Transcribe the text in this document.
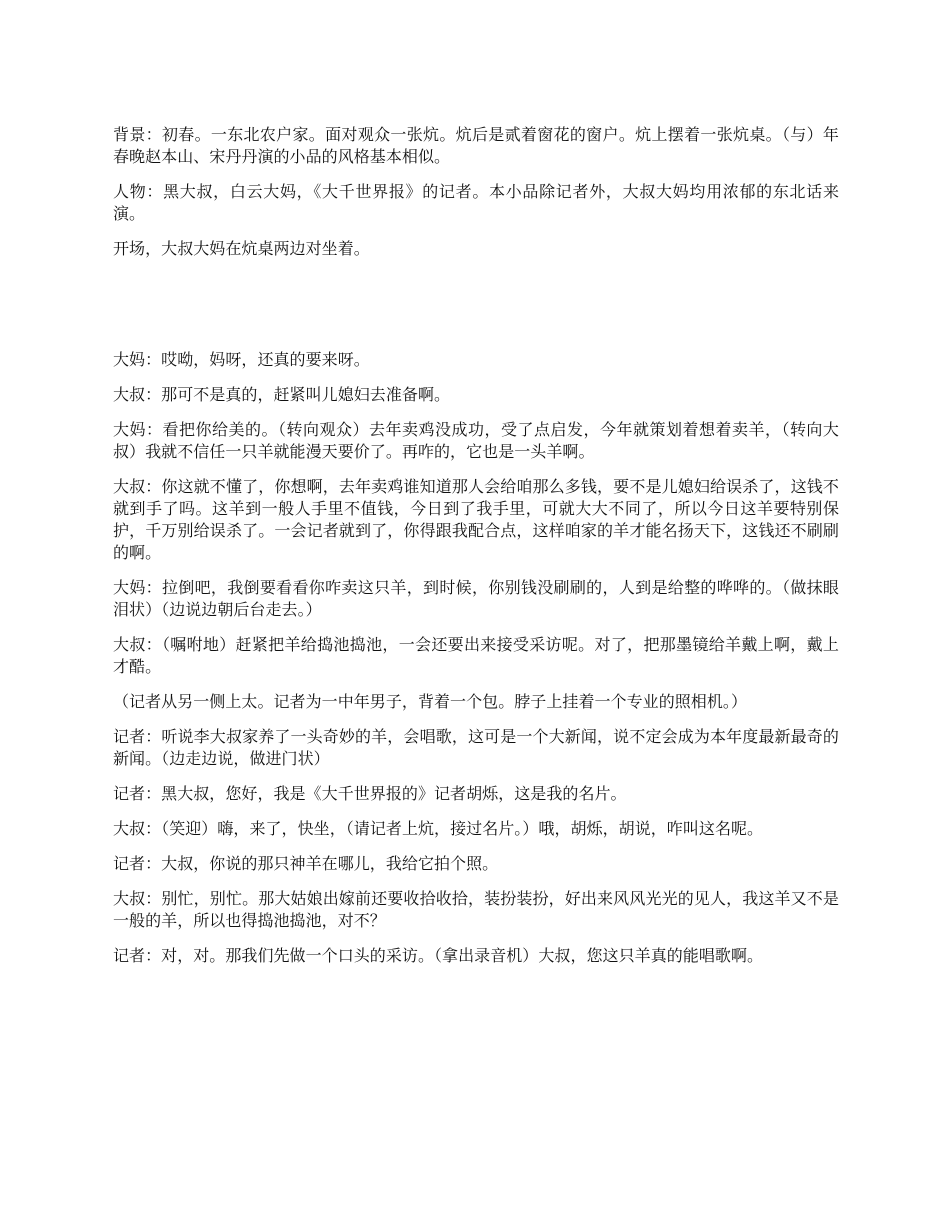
背景：初春。一东北农户家。面对观众一张炕。炕后是贰着窗花的窗户。炕上摆着一张炕桌。（与）年春晚赵本山、宋丹丹演的小品的风格基本相似。

人物：黑大叔，白云大妈，《大千世界报》的记者。本小品除记者外，大叔大妈均用浓郁的东北话来演。

开场，大叔大妈在炕桌两边对坐着。

大妈：哎呦，妈呀，还真的要来呀。

大叔：那可不是真的，赶紧叫儿媳妇去准备啊。

大妈：看把你给美的。（转向观众）去年卖鸡没成功，受了点启发，今年就策划着想着卖羊，（转向大叔）我就不信任一只羊就能漫天要价了。再咋的，它也是一头羊啊。

大叔：你这就不懂了，你想啊，去年卖鸡谁知道那人会给咱那么多钱，要不是儿媳妇给误杀了，这钱不就到手了吗。这羊到一般人手里不值钱，今日到了我手里，可就大大不同了，所以今日这羊要特别保护，千万别给误杀了。一会记者就到了，你得跟我配合点，这样咱家的羊才能名扬天下，这钱还不刷刷的啊。

大妈：拉倒吧，我倒要看看你咋卖这只羊，到时候，你别钱没刷刷的，人到是给整的哗哗的。（做抹眼泪状）（边说边朝后台走去。）

大叔：（嘱咐地）赶紧把羊给捣池捣池，一会还要出来接受采访呢。对了，把那墨镜给羊戴上啊，戴上才酷。

（记者从另一侧上太。记者为一中年男子，背着一个包。脖子上挂着一个专业的照相机。）

记者：听说李大叔家养了一头奇妙的羊，会唱歌，这可是一个大新闻，说不定会成为本年度最新最奇的新闻。（边走边说，做进门状）

记者：黑大叔，您好，我是《大千世界报的》记者胡烁，这是我的名片。

大叔：（笑迎）嗨，来了，快坐，（请记者上炕，接过名片。）哦，胡烁，胡说，咋叫这名呢。

记者：大叔，你说的那只神羊在哪儿，我给它拍个照。

大叔：别忙，别忙。那大姑娘出嫁前还要收拾收拾，装扮装扮，好出来风风光光的见人，我这羊又不是一般的羊，所以也得捣池捣池，对不？

记者：对，对。那我们先做一个口头的采访。（拿出录音机）大叔，您这只羊真的能唱歌啊。
